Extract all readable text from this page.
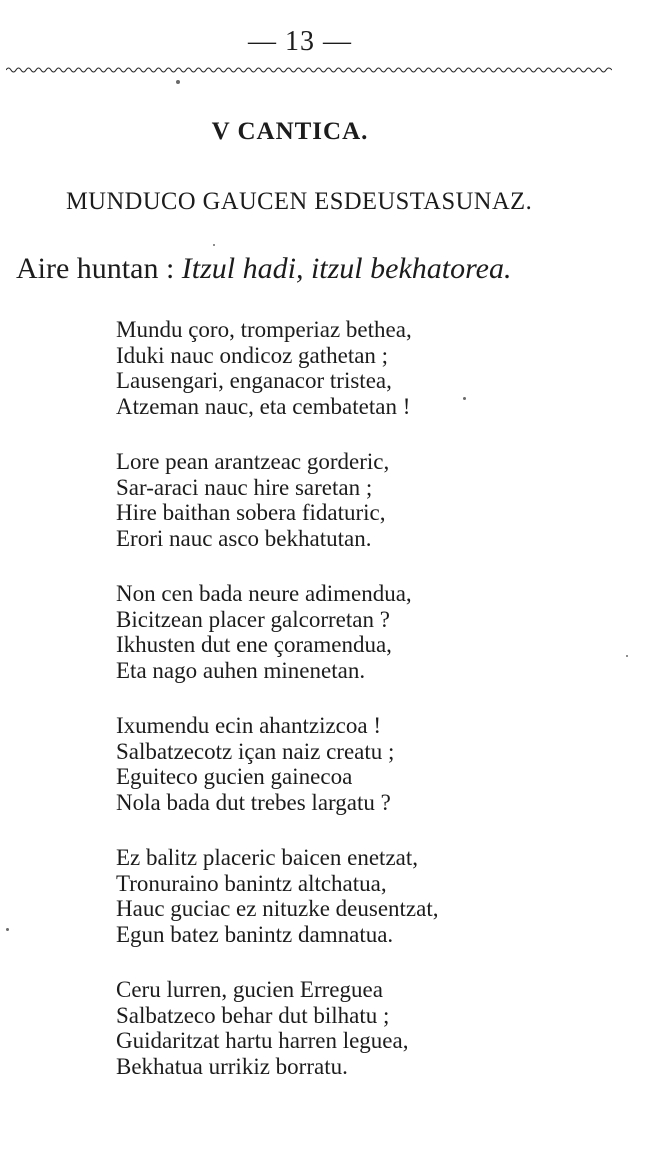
— 13 —
V CANTICA.
MUNDUCO GAUCEN ESDEUSTASUNAZ.
Aire huntan : Itzul hadi, itzul bekhatorea.
Mundu çoro, tromperiaz bethea,
Iduki nauc ondicoz gathetan ;
Lausengari, enganacor tristea,
Atzeman nauc, eta cembatetan !
Lore pean arantzeac gorderic,
Sar-araci nauc hire saretan ;
Hire baithan sobera fidaturic,
Erori nauc asco bekhatutan.
Non cen bada neure adimendua,
Bicitzean placer galcorretan ?
Ikhusten dut ene çoramendua,
Eta nago auhen minenetan.
Ixumendu ecin ahantzizcoa !
Salbatzecotz içan naiz creatu ;
Eguiteco gucien gainecoa
Nola bada dut trebes largatu ?
Ez balitz placeric baicen enetzat,
Tronuraino banintz altchatua,
Hauc guciac ez nituzke deusentzat,
Egun batez banintz damnatua.
Ceru lurren, gucien Erreguea
Salbatzeco behar dut bilhatu ;
Guidaritzat hartu harren leguea,
Bekhatua urrikiz borratu.
